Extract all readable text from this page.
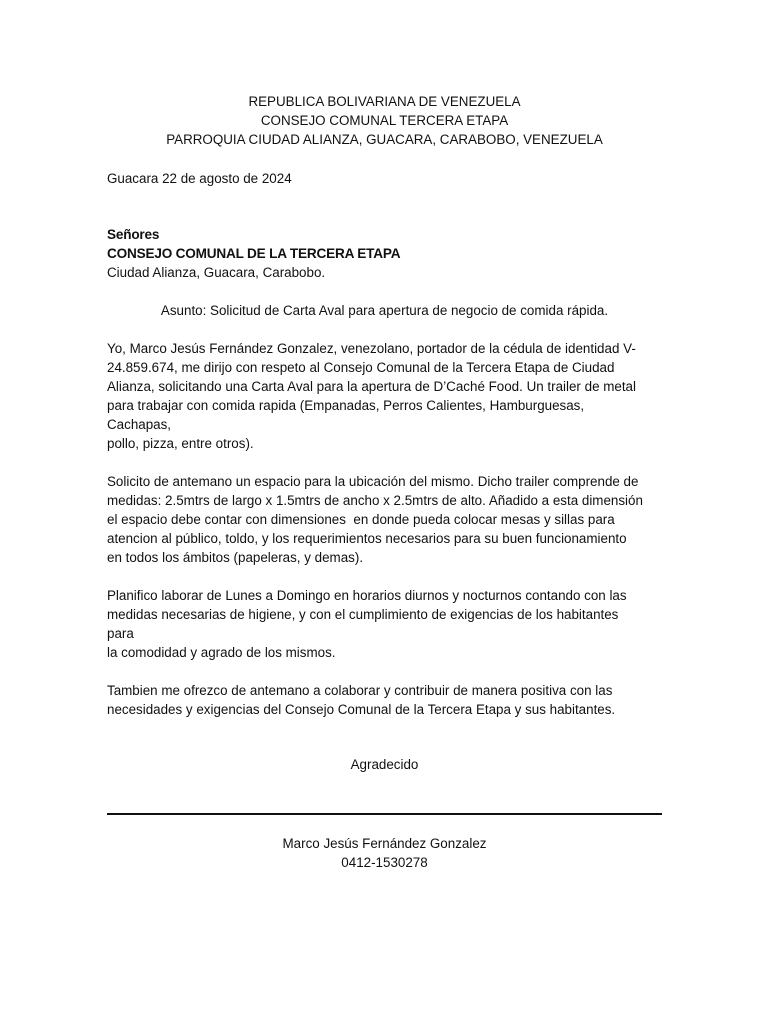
REPUBLICA BOLIVARIANA DE VENEZUELA
CONSEJO COMUNAL TERCERA ETAPA
PARROQUIA CIUDAD ALIANZA, GUACARA, CARABOBO, VENEZUELA
Guacara 22 de agosto de 2024
Señores
CONSEJO COMUNAL DE LA TERCERA ETAPA
Ciudad Alianza, Guacara, Carabobo.
Asunto: Solicitud de Carta Aval para apertura de negocio de comida rápida.
Yo, Marco Jesús Fernández Gonzalez, venezolano, portador de la cédula de identidad V-
24.859.674, me dirijo con respeto al Consejo Comunal de la Tercera Etapa de Ciudad
Alianza, solicitando una Carta Aval para la apertura de D’Caché Food. Un trailer de metal
para trabajar con comida rapida (Empanadas, Perros Calientes, Hamburguesas, Cachapas,
pollo, pizza, entre otros).
Solicito de antemano un espacio para la ubicación del mismo. Dicho trailer comprende de
medidas: 2.5mtrs de largo x 1.5mtrs de ancho x 2.5mtrs de alto. Añadido a esta dimensión
el espacio debe contar con dimensiones  en donde pueda colocar mesas y sillas para
atencion al público, toldo, y los requerimientos necesarios para su buen funcionamiento
en todos los ámbitos (papeleras, y demas).
Planifico laborar de Lunes a Domingo en horarios diurnos y nocturnos contando con las
medidas necesarias de higiene, y con el cumplimiento de exigencias de los habitantes para
la comodidad y agrado de los mismos.
Tambien me ofrezco de antemano a colaborar y contribuir de manera positiva con las
necesidades y exigencias del Consejo Comunal de la Tercera Etapa y sus habitantes.
Agradecido
Marco Jesús Fernández Gonzalez
0412-1530278
